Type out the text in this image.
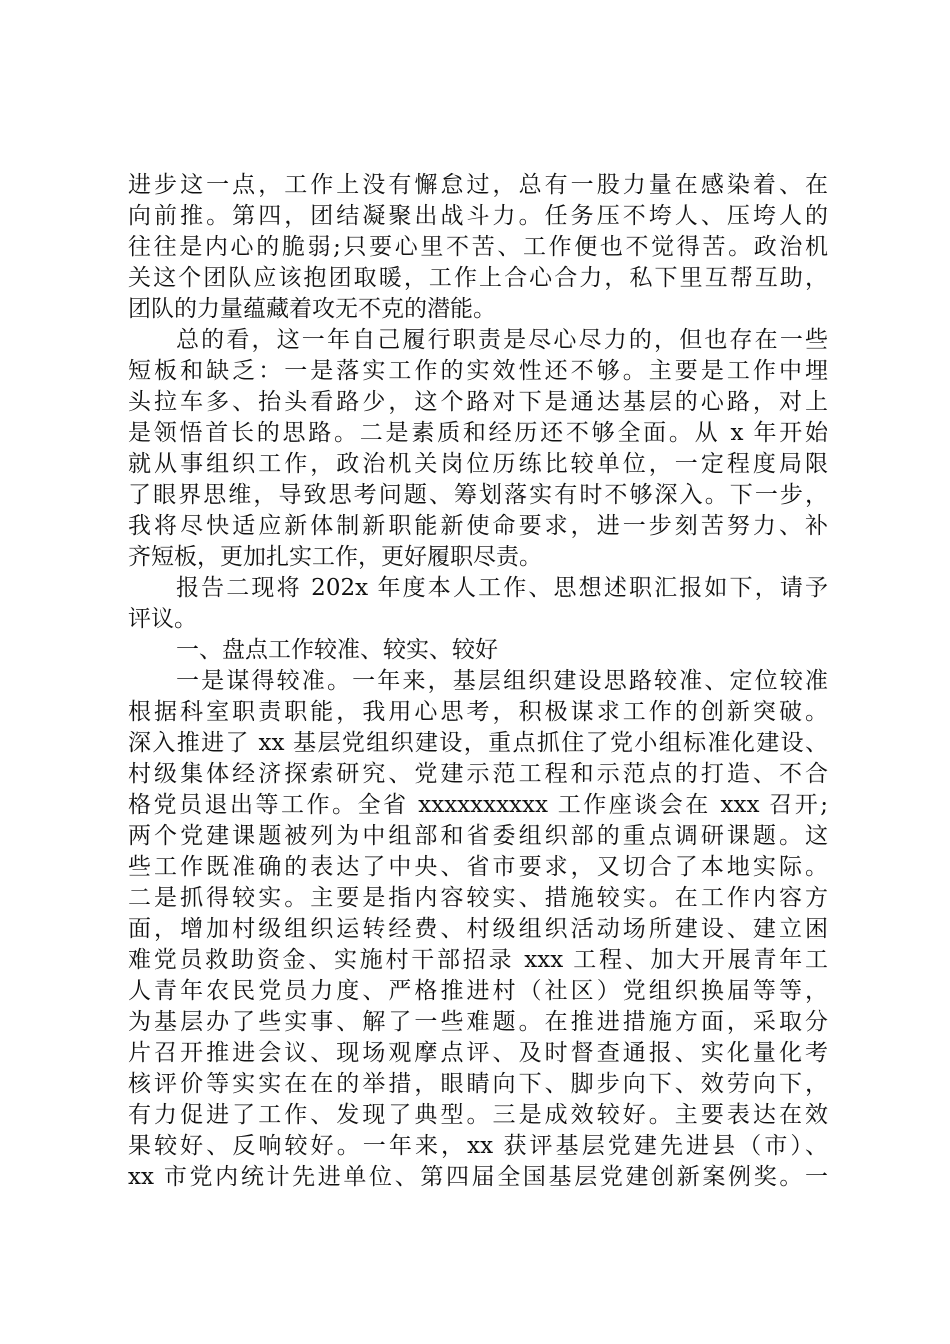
进步这一点，工作上没有懈怠过，总有一股力量在感染着、在
向前推。第四，团结凝聚出战斗力。任务压不垮人、压垮人的
往往是内心的脆弱;只要心里不苦、工作便也不觉得苦。政治机
关这个团队应该抱团取暖，工作上合心合力，私下里互帮互助，
团队的力量蕴藏着攻无不克的潜能。
总的看，这一年自己履行职责是尽心尽力的，但也存在一些
短板和缺乏：一是落实工作的实效性还不够。主要是工作中埋
头拉车多、抬头看路少，这个路对下是通达基层的心路，对上
是领悟首长的思路。二是素质和经历还不够全面。从 x 年开始
就从事组织工作，政治机关岗位历练比较单位，一定程度局限
了眼界思维，导致思考问题、筹划落实有时不够深入。下一步，
我将尽快适应新体制新职能新使命要求，进一步刻苦努力、补
齐短板，更加扎实工作，更好履职尽责。
报告二现将 202x 年度本人工作、思想述职汇报如下，请予
评议。
一、盘点工作较准、较实、较好
一是谋得较准。一年来，基层组织建设思路较准、定位较准
根据科室职责职能，我用心思考，积极谋求工作的创新突破。
深入推进了 xx 基层党组织建设，重点抓住了党小组标准化建设、
村级集体经济探索研究、党建示范工程和示范点的打造、不合
格党员退出等工作。全省 xxxxxxxxxx 工作座谈会在 xxx 召开;
两个党建课题被列为中组部和省委组织部的重点调研课题。这
些工作既准确的表达了中央、省市要求，又切合了本地实际。
二是抓得较实。主要是指内容较实、措施较实。在工作内容方
面，增加村级组织运转经费、村级组织活动场所建设、建立困
难党员救助资金、实施村干部招录 xxx 工程、加大开展青年工
人青年农民党员力度、严格推进村（社区）党组织换届等等，
为基层办了些实事、解了一些难题。在推进措施方面，采取分
片召开推进会议、现场观摩点评、及时督查通报、实化量化考
核评价等实实在在的举措，眼睛向下、脚步向下、效劳向下，
有力促进了工作、发现了典型。三是成效较好。主要表达在效
果较好、反响较好。一年来，xx 获评基层党建先进县（市）、
xx 市党内统计先进单位、第四届全国基层党建创新案例奖。一
